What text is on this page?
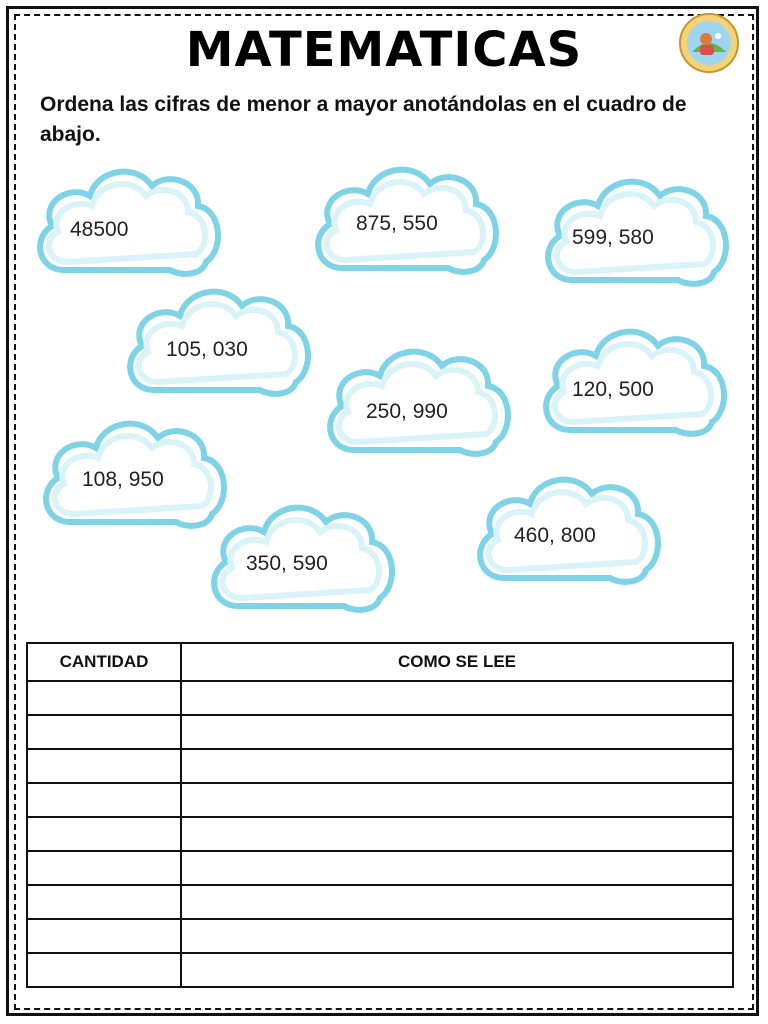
MATEMATICAS
Ordena las cifras de menor a mayor anotándolas en el cuadro de abajo.
48500	875, 550
599, 580
105, 030
250, 990
120, 500
108, 950
460, 800
350, 590
CANTIDAD	COMO SE LEE
